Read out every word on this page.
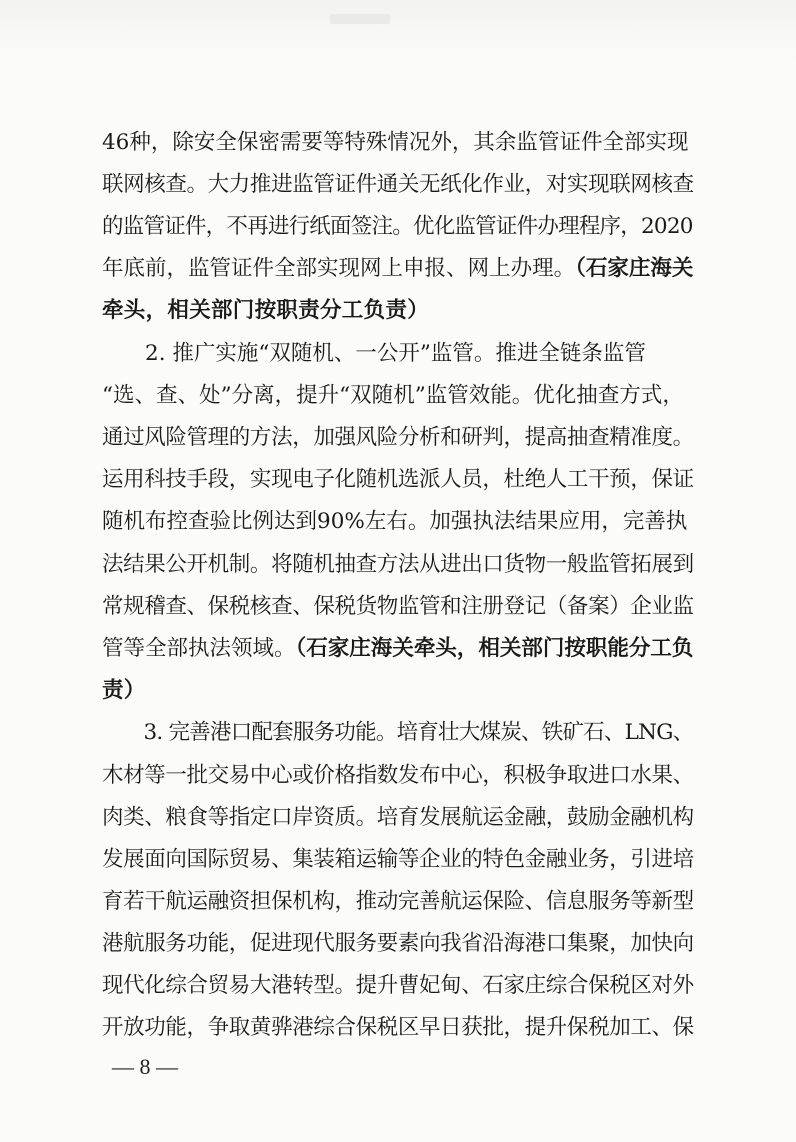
46种，除安全保密需要等特殊情况外，其余监管证件全部实现
联网核查。大力推进监管证件通关无纸化作业，对实现联网核查
的监管证件，不再进行纸面签注。优化监管证件办理程序，2020
年底前，监管证件全部实现网上申报、网上办理。（石家庄海关
牵头，相关部门按职责分工负责）
　　2. 推广实施“双随机、一公开”监管。推进全链条监管
“选、查、处”分离，提升“双随机”监管效能。优化抽查方式，
通过风险管理的方法，加强风险分析和研判，提高抽查精准度。
运用科技手段，实现电子化随机选派人员，杜绝人工干预，保证
随机布控查验比例达到90%左右。加强执法结果应用，完善执
法结果公开机制。将随机抽查方法从进出口货物一般监管拓展到
常规稽查、保税核查、保税货物监管和注册登记（备案）企业监
管等全部执法领域。（石家庄海关牵头，相关部门按职能分工负
责）
　　3. 完善港口配套服务功能。培育壮大煤炭、铁矿石、LNG、
木材等一批交易中心或价格指数发布中心，积极争取进口水果、
肉类、粮食等指定口岸资质。培育发展航运金融，鼓励金融机构
发展面向国际贸易、集装箱运输等企业的特色金融业务，引进培
育若干航运融资担保机构，推动完善航运保险、信息服务等新型
港航服务功能，促进现代服务要素向我省沿海港口集聚，加快向
现代化综合贸易大港转型。提升曹妃甸、石家庄综合保税区对外
开放功能，争取黄骅港综合保税区早日获批，提升保税加工、保
— 8 —
